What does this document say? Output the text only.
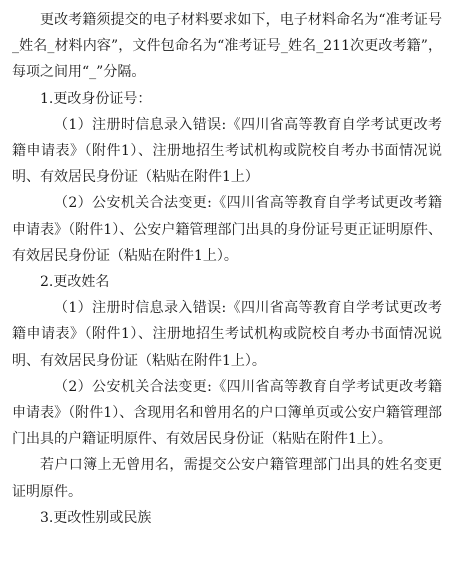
更改考籍须提交的电子材料要求如下，电子材料命名为“准考证号_姓名_材料内容”，文件包命名为“准考证号_姓名_211次更改考籍”，每项之间用“_”分隔。

1.更改身份证号：

（1）注册时信息录入错误:《四川省高等教育自学考试更改考籍申请表》（附件1）、注册地招生考试机构或院校自考办书面情况说明、有效居民身份证（粘贴在附件1上）

（2）公安机关合法变更:《四川省高等教育自学考试更改考籍申请表》（附件1）、公安户籍管理部门出具的身份证号更正证明原件、有效居民身份证（粘贴在附件1上）。

2.更改姓名

（1）注册时信息录入错误:《四川省高等教育自学考试更改考籍申请表》（附件1）、注册地招生考试机构或院校自考办书面情况说明、有效居民身份证（粘贴在附件1上）。

（2）公安机关合法变更:《四川省高等教育自学考试更改考籍申请表》（附件1）、含现用名和曾用名的户口簿单页或公安户籍管理部门出具的户籍证明原件、有效居民身份证（粘贴在附件1上）。

若户口簿上无曾用名，需提交公安户籍管理部门出具的姓名变更证明原件。

3.更改性别或民族
